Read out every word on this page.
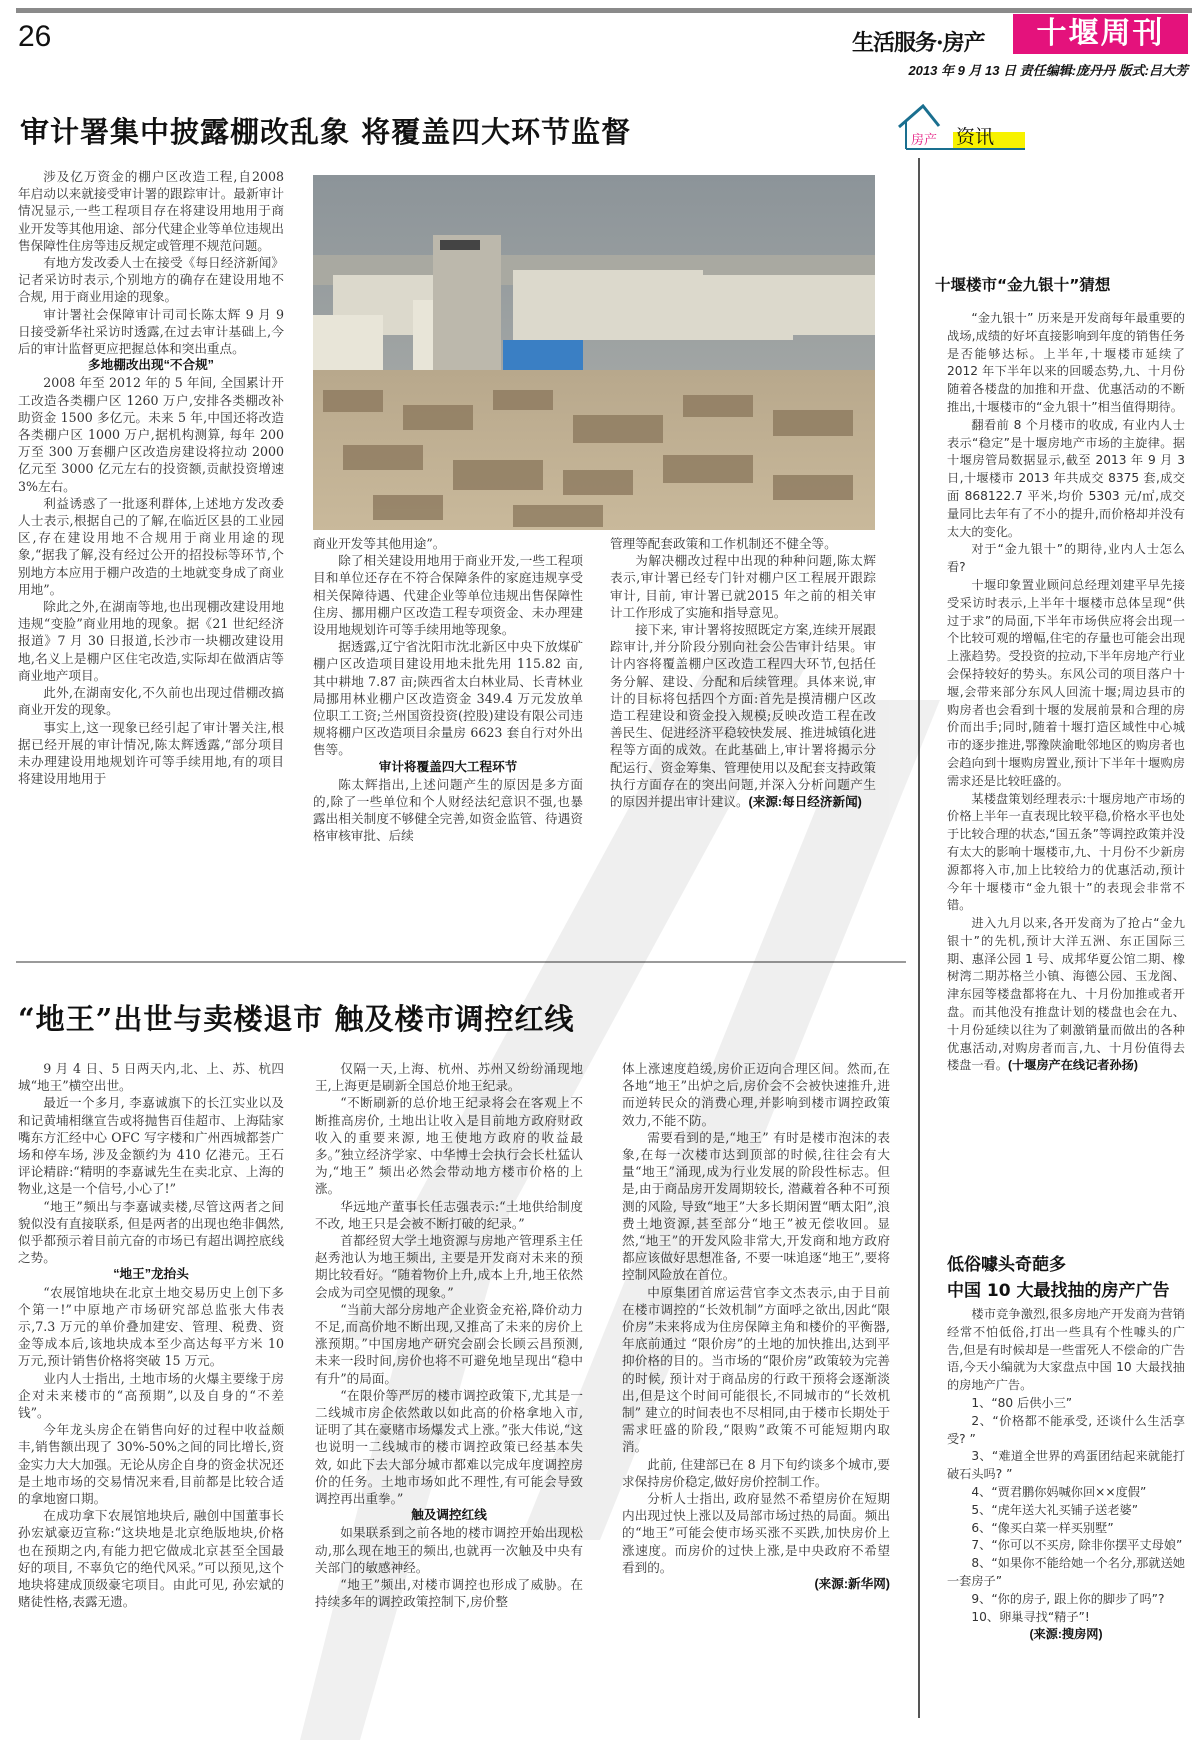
26	生活服务·房产	十堰周刊
2013 年 9 月 13 日 责任编辑:庞丹丹 版式:吕大芳
审计署集中披露棚改乱象 将覆盖四大环节监督

涉及亿万资金的棚户区改造工程,自2008 年启动以来就接受审计署的跟踪审计。最新审计情况显示,一些工程项目存在将建设用地用于商业开发等其他用途、部分代建企业等单位违规出售保障性住房等违反规定或管理不规范问题。

有地方发改委人士在接受《每日经济新闻》记者采访时表示,个别地方的确存在建设用地不合规, 用于商业用途的现象。

审计署社会保障审计司司长陈太辉 9 月 9 日接受新华社采访时透露,在过去审计基础上,今后的审计监督更应把握总体和突出重点。

多地棚改出现“不合规”

2008 年至 2012 年的 5 年间, 全国累计开工改造各类棚户区 1260 万户,安排各类棚改补助资金 1500 多亿元。未来 5 年,中国还将改造各类棚户区 1000 万户,据机构测算, 每年 200 万至 300 万套棚户区改造房建设将拉动 2000 亿元至 3000 亿元左右的投资额,贡献投资增速 3%左右。

利益诱惑了一批逐利群体,上述地方发改委人士表示,根据自己的了解,在临近区县的工业园区,存在建设用地不合规用于商业用途的现象,“据我了解,没有经过公开的招投标等环节,个别地方本应用于棚户改造的土地就变身成了商业用地”。

除此之外,在湖南等地,也出现棚改建设用地违规“变脸”商业用地的现象。据《21 世纪经济报道》7 月 30 日报道,长沙市一块棚改建设用地,名义上是棚户区住宅改造,实际却在做酒店等商业地产项目。

此外,在湖南安化,不久前也出现过借棚改搞商业开发的现象。

事实上,这一现象已经引起了审计署关注,根据已经开展的审计情况,陈太辉透露,“部分项目未办理建设用地规划许可等手续用地,有的项目将建设用地用于

商业开发等其他用途”。

除了相关建设用地用于商业开发,一些工程项目和单位还存在不符合保障条件的家庭违规享受相关保障待遇、代建企业等单位违规出售保障性住房、挪用棚户区改造工程专项资金、未办理建设用地规划许可等手续用地等现象。

据透露,辽宁省沈阳市沈北新区中央下放煤矿棚户区改造项目建设用地未批先用 115.82 亩,其中耕地 7.87 亩;陕西省太白林业局、长青林业局挪用林业棚户区改造资金 349.4 万元发放单位职工工资;兰州国资投资(控股)建设有限公司违规将棚户区改造项目余量房 6623 套自行对外出售等。

审计将覆盖四大工程环节

陈太辉指出,上述问题产生的原因是多方面的,除了一些单位和个人财经法纪意识不强,也暴露出相关制度不够健全完善,如资金监管、待遇资格审核审批、后续

管理等配套政策和工作机制还不健全等。

为解决棚改过程中出现的种种问题,陈太辉表示,审计署已经专门针对棚户区工程展开跟踪审计, 目前, 审计署已就2015 年之前的相关审计工作形成了实施和指导意见。

接下来, 审计署将按照既定方案,连续开展跟踪审计,并分阶段分别向社会公告审计结果。审计内容将覆盖棚户区改造工程四大环节,包括任务分解、建设、分配和后续管理。具体来说,审计的目标将包括四个方面:首先是摸清棚户区改造工程建设和资金投入规模;反映改造工程在改善民生、促进经济平稳较快发展、推进城镇化进程等方面的成效。在此基础上,审计署将揭示分配运行、资金筹集、管理使用以及配套支持政策执行方面存在的突出问题,并深入分析问题产生的原因并提出审计建议。(来源:每日经济新闻)

“地王”出世与卖楼退市 触及楼市调控红线

9 月 4 日、5 日两天内,北、上、苏、杭四城“地王”横空出世。

最近一个多月, 李嘉诚旗下的长江实业以及和记黄埔相继宣告或将抛售百佳超市、上海陆家嘴东方汇经中心 OFC 写字楼和广州西城都荟广场和停车场, 涉及金额约为 410 亿港元。王石评论精辟:“精明的李嘉诚先生在卖北京、上海的物业,这是一个信号,小心了!”

“地王”频出与李嘉诚卖楼,尽管这两者之间貌似没有直接联系, 但是两者的出现也绝非偶然, 似乎都预示着目前亢奋的市场已有超出调控底线之势。

“地王”龙抬头

“农展馆地块在北京土地交易历史上创下多个第一!”中原地产市场研究部总监张大伟表示,7.3 万元的单价叠加建安、管理、税费、资金等成本后,该地块成本至少高达每平方米 10 万元,预计销售价格将突破 15 万元。

业内人士指出, 土地市场的火爆主要缘于房企对未来楼市的“高预期”,以及自身的“不差钱”。

今年龙头房企在销售向好的过程中收益颇丰,销售额出现了 30%-50%之间的同比增长,资金实力大大加强。无论从房企自身的资金状况还是土地市场的交易情况来看,目前都是比较合适的拿地窗口期。

在成功拿下农展馆地块后, 融创中国董事长孙宏斌豪迈宣称:“这块地是北京绝版地块,价格也在预期之内,有能力把它做成北京甚至全国最好的项目, 不辜负它的绝代风采。”可以预见,这个地块将建成顶级豪宅项目。由此可见, 孙宏斌的赌徒性格,表露无遗。

仅隔一天,上海、杭州、苏州又纷纷涌现地王,上海更是刷新全国总价地王纪录。

“不断刷新的总价地王纪录将会在客观上不断推高房价, 土地出让收入是目前地方政府财政收入的重要来源, 地王使地方政府的收益最多。”独立经济学家、中华博士会执行会长杜猛认为,“地王” 频出必然会带动地方楼市价格的上涨。

华远地产董事长任志强表示:“土地供给制度不改, 地王只是会被不断打破的纪录。”

首都经贸大学土地资源与房地产管理系主任赵秀池认为地王频出, 主要是开发商对未来的预期比较看好。“随着物价上升,成本上升,地王依然会成为司空见惯的现象。”

“当前大部分房地产企业资金充裕,降价动力不足,而高价地不断出现,又推高了未来的房价上涨预期。”中国房地产研究会副会长顾云昌预测,未来一段时间,房价也将不可避免地呈现出“稳中有升”的局面。

“在限价等严厉的楼市调控政策下,尤其是一二线城市房企依然敢以如此高的价格拿地入市, 证明了其在豪赌市场爆发式上涨。”张大伟说,“这也说明一二线城市的楼市调控政策已经基本失效, 如此下去大部分城市都难以完成年度调控房价的任务。土地市场如此不理性,有可能会导致调控再出重拳。”

触及调控红线

如果联系到之前各地的楼市调控开始出现松动,那么现在地王的频出,也就再一次触及中央有关部门的敏感神经。

“地王”频出,对楼市调控也形成了威胁。在持续多年的调控政策控制下,房价整

体上涨速度趋缓,房价正迈向合理区间。然而,在各地“地王”出炉之后,房价会不会被快速推升,进而逆转民众的消费心理,并影响到楼市调控政策效力,不能不防。

需要看到的是,“地王” 有时是楼市泡沫的表象,在每一次楼市达到顶部的时候,往往会有大量“地王”涌现,成为行业发展的阶段性标志。但是,由于商品房开发周期较长, 潜藏着各种不可预测的风险, 导致“地王”大多长期闲置“晒太阳”,浪费土地资源,甚至部分“地王”被无偿收回。显然,“地王”的开发风险非常大,开发商和地方政府都应该做好思想准备, 不要一味追逐“地王”,要将控制风险放在首位。

中原集团首席运营官李文杰表示,由于目前在楼市调控的“长效机制”方面呼之欲出,因此“限价房”未来将成为住房保障主角和楼价的平衡器, 年底前通过 “限价房”的土地的加快推出,达到平抑价格的目的。当市场的“限价房”政策较为完善的时候, 预计对于商品房的行政干预将会逐渐淡出,但是这个时间可能很长,不同城市的“长效机制” 建立的时间表也不尽相同,由于楼市长期处于需求旺盛的阶段,“限购”政策不可能短期内取消。

此前, 住建部已在 8 月下旬约谈多个城市,要求保持房价稳定,做好房价控制工作。

分析人士指出, 政府显然不希望房价在短期内出现过快上涨以及局部市场过热的局面。频出的“地王”可能会使市场买涨不买跌,加快房价上涨速度。而房价的过快上涨,是中央政府不希望看到的。

(来源:新华网)

房产 资讯
十堰楼市“金九银十”猜想

“金九银十” 历来是开发商每年最重要的战场,成绩的好坏直接影响到年度的销售任务是否能够达标。上半年,十堰楼市延续了 2012 年下半年以来的回暖态势,九、十月份随着各楼盘的加推和开盘、优惠活动的不断推出,十堰楼市的“金九银十”相当值得期待。

翻看前 8 个月楼市的收成, 有业内人士表示“稳定”是十堰房地产市场的主旋律。据十堰房管局数据显示,截至 2013 年 9 月 3 日,十堰楼市 2013 年共成交 8375 套,成交面 868122.7 平米,均价 5303 元/㎡,成交量同比去年有了不小的提升,而价格却并没有太大的变化。

对于“金九银十”的期待,业内人士怎么看?

十堰印象置业顾问总经理刘建平早先接受采访时表示,上半年十堰楼市总体呈现“供过于求”的局面,下半年市场供应将会出现一个比较可观的增幅,住宅的存量也可能会出现上涨趋势。受投资的拉动,下半年房地产行业会保持较好的势头。东风公司的项目落户十堰,会带来部分东风人回流十堰;周边县市的购房者也会看到十堰的发展前景和合理的房价而出手;同时,随着十堰打造区域性中心城市的逐步推进,鄂豫陕渝毗邻地区的购房者也会趋向到十堰购房置业,预计下半年十堰购房需求还是比较旺盛的。

某楼盘策划经理表示:十堰房地产市场的价格上半年一直表现比较平稳,价格水平也处于比较合理的状态,“国五条”等调控政策并没有太大的影响十堰楼市,九、十月份不少新房源都将入市,加上比较给力的优惠活动,预计今年十堰楼市“金九银十”的表现会非常不错。

进入九月以来,各开发商为了抢占“金九银十”的先机,预计大洋五洲、东正国际三期、惠泽公园 1 号、成邦华夏公馆二期、橡树湾二期苏格兰小镇、海德公园、玉龙阁、津东园等楼盘都将在九、十月份加推或者开盘。而其他没有推盘计划的楼盘也会在九、十月份延续以往为了刺激销量而做出的各种优惠活动,对购房者而言,九、十月份值得去楼盘一看。(十堰房产在线记者孙扬)

低俗噱头奇葩多
中国 10 大最找抽的房产广告

楼市竞争激烈,很多房地产开发商为营销经常不怕低俗,打出一些具有个性噱头的广告,但是有时候却是一些雷死人不偿命的广告语,今天小编就为大家盘点中国 10 大最找抽的房地产广告。

1、“80 后供小三”

2、“价格都不能承受, 还谈什么生活享受? ”

3、“难道全世界的鸡蛋团结起来就能打破石头吗? ”

4、“贾君鹏你妈喊你回××度假”

5、“虎年送大礼买铺子送老婆”

6、“像买白菜一样买别墅”

7、“你可以不买房, 除非你摆平丈母娘”

8、“如果你不能给她一个名分,那就送她一套房子”

9、“你的房子, 跟上你的脚步了吗”?

10、卵巢寻找“精子”!

(来源:搜房网)
